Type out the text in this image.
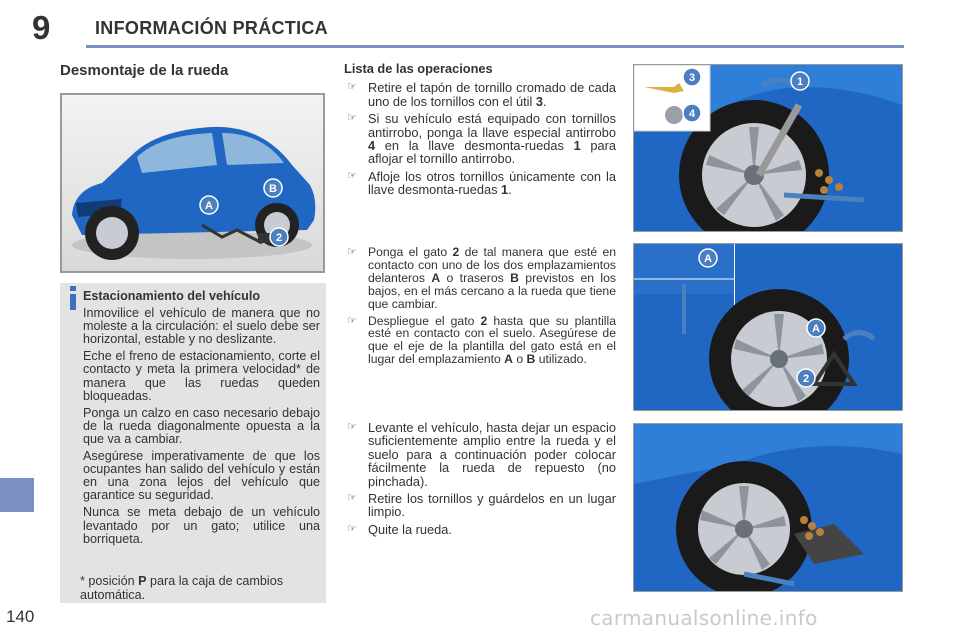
9 INFORMACIÓN PRÁCTICA
Desmontaje de la rueda
A
B
2
Estacionamiento del vehículo

Inmovilice el vehículo de manera que no moleste a la circulación: el suelo debe ser horizontal, estable y no deslizante.

Eche el freno de estacionamiento, corte el contacto y meta la primera velocidad* de manera que las ruedas queden bloqueadas.

Ponga un calzo en caso necesario debajo de la rueda diagonalmente opuesta a la que va a cambiar.

Asegúrese imperativamente de que los ocupantes han salido del vehículo y están en una zona lejos del vehículo que garantice su seguridad.

Nunca se meta debajo de un vehículo levantado por un gato; utilice una borriqueta.

* posición P para la caja de cambios automática.
140
Lista de las operaciones
☞ Retire el tapón de tornillo cromado de cada uno de los tornillos con el útil 3.
☞ Si su vehículo está equipado con tornillos antirrobo, ponga la llave especial antirrobo 4 en la llave desmonta-ruedas 1 para aflojar el tornillo antirrobo.
☞ Afloje los otros tornillos únicamente con la llave desmonta-ruedas 1.
☞ Ponga el gato 2 de tal manera que esté en contacto con uno de los dos emplazamientos delanteros A o traseros B previstos en los bajos, en el más cercano a la rueda que tiene que cambiar.
☞ Despliegue el gato 2 hasta que su plantilla esté en contacto con el suelo. Asegúrese de que el eje de la plantilla del gato está en el lugar del emplazamiento A o B utilizado.
☞ Levante el vehículo, hasta dejar un espacio suficientemente amplio entre la rueda y el suelo para a continuación poder colocar fácilmente la rueda de repuesto (no pinchada).
☞ Retire los tornillos y guárdelos en un lugar limpio.
☞ Quite la rueda.
1
3
4
A
A
2
carmanualsonline.info
